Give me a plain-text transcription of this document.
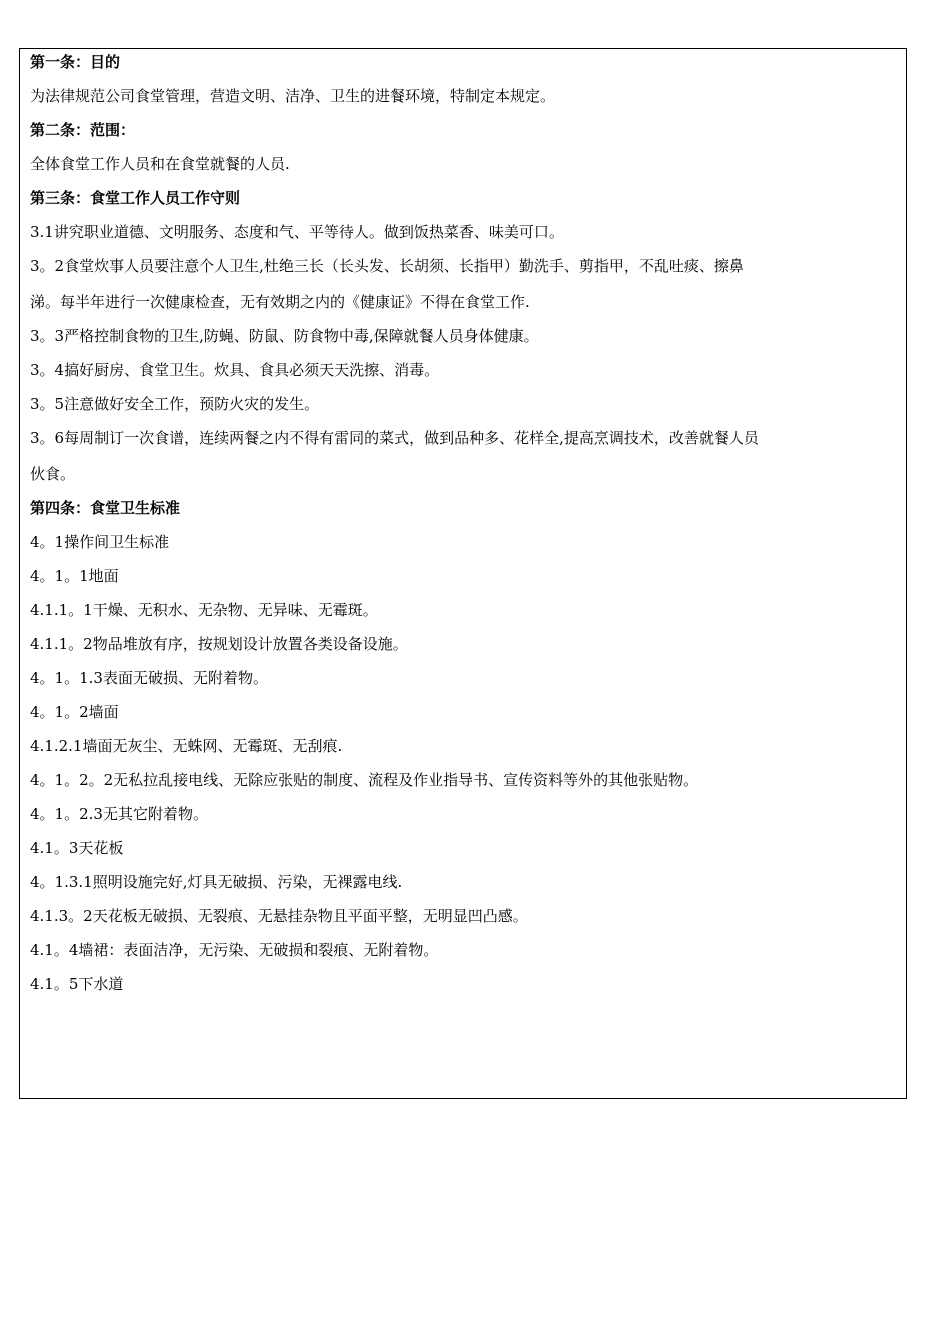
第一条：目的
为法律规范公司食堂管理，营造文明、洁净、卫生的进餐环境，特制定本规定。
第二条：范围：
全体食堂工作人员和在食堂就餐的人员.
第三条：食堂工作人员工作守则
3.1讲究职业道德、文明服务、态度和气、平等待人。做到饭热菜香、味美可口。
3。2食堂炊事人员要注意个人卫生,杜绝三长（长头发、长胡须、长指甲）勤洗手、剪指甲，不乱吐痰、擦鼻
涕。每半年进行一次健康检查，无有效期之内的《健康证》不得在食堂工作.
3。3严格控制食物的卫生,防蝇、防鼠、防食物中毒,保障就餐人员身体健康。
3。4搞好厨房、食堂卫生。炊具、食具必须天天洗擦、消毒。
3。5注意做好安全工作，预防火灾的发生。
3。6每周制订一次食谱，连续两餐之内不得有雷同的菜式，做到品种多、花样全,提高烹调技术，改善就餐人员
伙食。
第四条：食堂卫生标准
4。1操作间卫生标准
4。1。1地面
4.1.1。1干燥、无积水、无杂物、无异味、无霉斑。
4.1.1。2物品堆放有序，按规划设计放置各类设备设施。
4。1。1.3表面无破损、无附着物。
4。1。2墙面
4.1.2.1墙面无灰尘、无蛛网、无霉斑、无刮痕.
4。1。2。2无私拉乱接电线、无除应张贴的制度、流程及作业指导书、宣传资料等外的其他张贴物。
4。1。2.3无其它附着物。
4.1。3天花板
4。1.3.1照明设施完好,灯具无破损、污染，无裸露电线.
4.1.3。2天花板无破损、无裂痕、无悬挂杂物且平面平整，无明显凹凸感。
4.1。4墙裙：表面洁净，无污染、无破损和裂痕、无附着物。
4.1。5下水道
